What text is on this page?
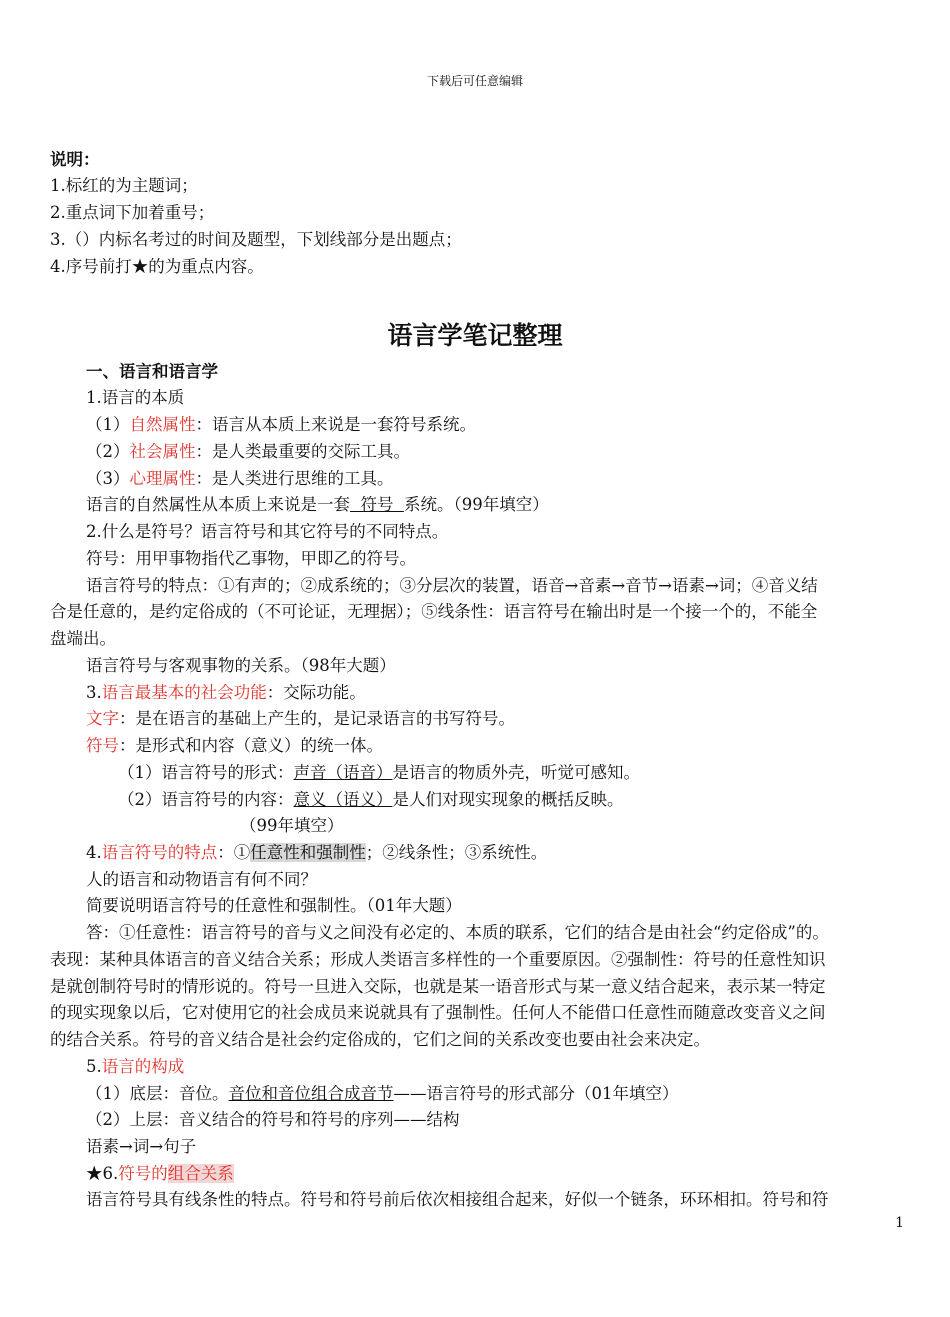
下载后可任意编辑
说明：
1.标红的为主题词；
2.重点词下加着重号；
3.（）内标名考过的时间及题型，下划线部分是出题点；
4.序号前打★的为重点内容。
语言学笔记整理
一、语言和语言学
1.语言的本质
（1）自然属性：语言从本质上来说是一套符号系统。
（2）社会属性：是人类最重要的交际工具。
（3）心理属性：是人类进行思维的工具。
语言的自然属性从本质上来说是一套  符号  系统。（99年填空）
2.什么是符号？语言符号和其它符号的不同特点。
符号：用甲事物指代乙事物，甲即乙的符号。
语言符号的特点：①有声的；②成系统的；③分层次的装置，语音→音素→音节→语素→词；④音义结
合是任意的，是约定俗成的（不可论证，无理据）；⑤线条性：语言符号在输出时是一个接一个的，不能全
盘端出。
语言符号与客观事物的关系。（98年大题）
3.语言最基本的社会功能：交际功能。
文字：是在语言的基础上产生的，是记录语言的书写符号。
符号：是形式和内容（意义）的统一体。
（1）语言符号的形式：声音（语音）是语言的物质外壳，听觉可感知。
（2）语言符号的内容：意义（语义）是人们对现实现象的概括反映。
（99年填空）
4.语言符号的特点：①任意性和强制性；②线条性；③系统性。
人的语言和动物语言有何不同？
简要说明语言符号的任意性和强制性。（01年大题）
答：①任意性：语言符号的音与义之间没有必定的、本质的联系，它们的结合是由社会“约定俗成”的。
表现：某种具体语言的音义结合关系；形成人类语言多样性的一个重要原因。②强制性：符号的任意性知识
是就创制符号时的情形说的。符号一旦进入交际，也就是某一语音形式与某一意义结合起来，表示某一特定
的现实现象以后，它对使用它的社会成员来说就具有了强制性。任何人不能借口任意性而随意改变音义之间
的结合关系。符号的音义结合是社会约定俗成的，它们之间的关系改变也要由社会来决定。
5.语言的构成
（1）底层：音位。音位和音位组合成音节——语言符号的形式部分（01年填空）
（2）上层：音义结合的符号和符号的序列——结构
语素→词→句子
★6.符号的组合关系
语言符号具有线条性的特点。符号和符号前后依次相接组合起来，好似一个链条，环环相扣。符号和符
1
